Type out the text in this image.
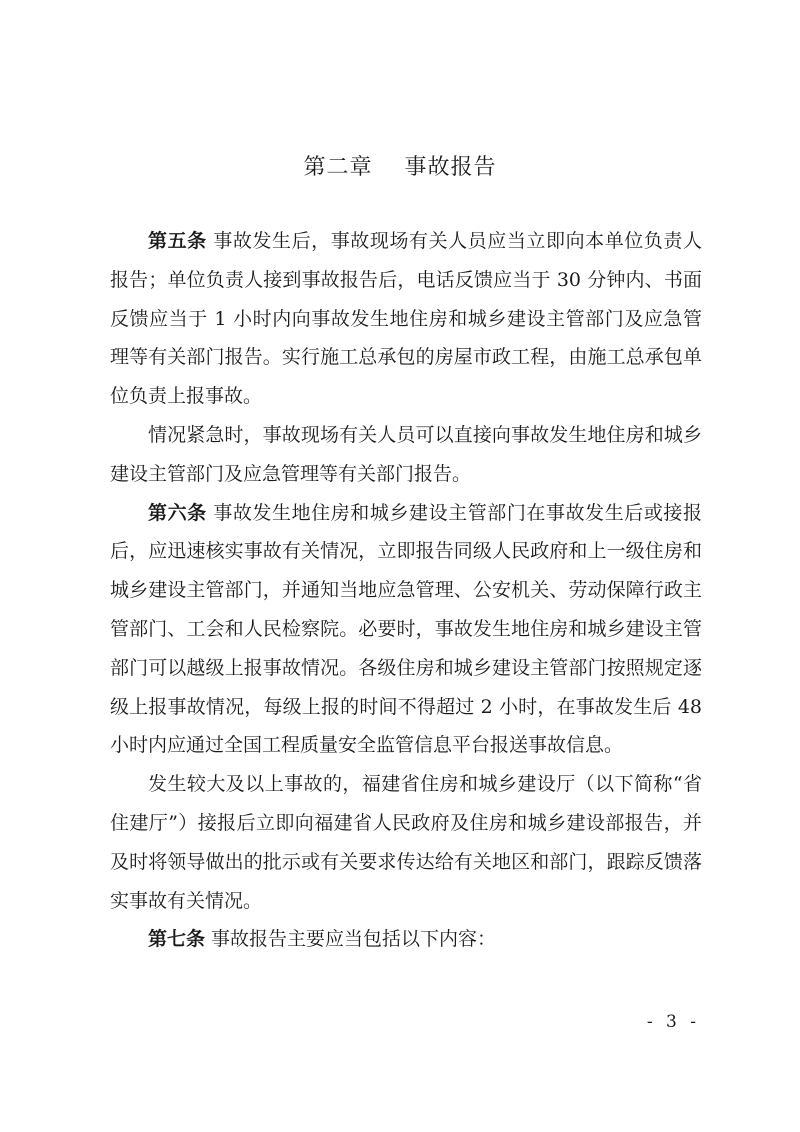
第二章    事故报告

第五条 事故发生后，事故现场有关人员应当立即向本单位负责人报告；单位负责人接到事故报告后，电话反馈应当于 30 分钟内、书面反馈应当于 1 小时内向事故发生地住房和城乡建设主管部门及应急管理等有关部门报告。实行施工总承包的房屋市政工程，由施工总承包单位负责上报事故。

情况紧急时，事故现场有关人员可以直接向事故发生地住房和城乡建设主管部门及应急管理等有关部门报告。

第六条 事故发生地住房和城乡建设主管部门在事故发生后或接报后，应迅速核实事故有关情况，立即报告同级人民政府和上一级住房和城乡建设主管部门，并通知当地应急管理、公安机关、劳动保障行政主管部门、工会和人民检察院。必要时，事故发生地住房和城乡建设主管部门可以越级上报事故情况。各级住房和城乡建设主管部门按照规定逐级上报事故情况，每级上报的时间不得超过 2 小时，在事故发生后 48 小时内应通过全国工程质量安全监管信息平台报送事故信息。

发生较大及以上事故的，福建省住房和城乡建设厅（以下简称“省住建厅”）接报后立即向福建省人民政府及住房和城乡建设部报告，并及时将领导做出的批示或有关要求传达给有关地区和部门，跟踪反馈落实事故有关情况。

第七条 事故报告主要应当包括以下内容：

- 3 -
